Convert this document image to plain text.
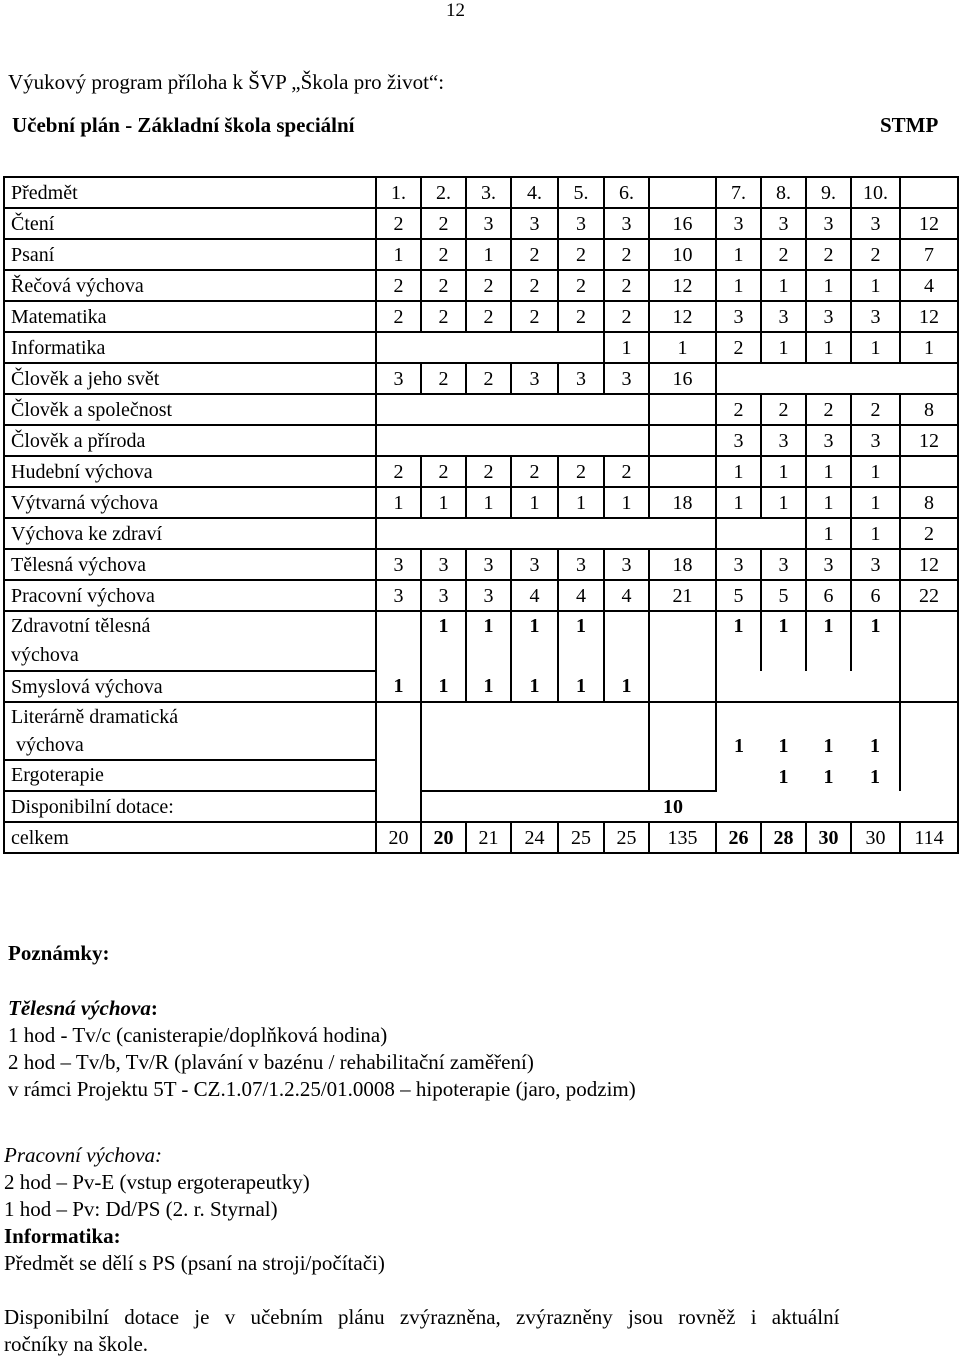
12
Výukový program příloha k ŠVP „Škola pro život“:
Učební plán - Základní škola speciální	STMP
Předmět	1.	2.	3.	4.	5.	6.		7.	8.	9.	10.		
Čtení	2	2	3	3	3	3	16	3	3	3	3	12	
Psaní	1	2	1	2	2	2	10	1	2	2	2	7	
Řečová výchova	2	2	2	2	2	2	12	1	1	1	1	4	
Matematika	2	2	2	2	2	2	12	3	3	3	3	12	
Informatika						1	1	2	1	1	1	1	
Člověk a jeho svět	3	2	2	3	3	3	16						
Člověk a společnost								2	2	2	2	8	
Člověk a příroda								3	3	3	3	12	
Hudební výchova	2	2	2	2	2	2		1	1	1	1		
Výtvarná výchova	1	1	1	1	1	1	18	1	1	1	1	8	
Výchova ke zdraví										1	1	2	
Tělesná výchova	3	3	3	3	3	3	18	3	3	3	3	12	
Pracovní výchova	3	3	3	4	4	4	21	5	5	6	6	22	
Zdravotní tělesná
výchova		1	1	1	1			1	1	1	1		
Smyslová výchova	1	1	1	1	1	1							
Literárně dramatická
výchova								1	1	1	1		
Ergoterapie									1	1	1		
Disponibilní dotace:							10		
celkem	20	20	21	24	25	25	135	26	28	30	30	114	
Poznámky:
Tělesná výchova:
1 hod - Tv/c (canisterapie/doplňková hodina)
2 hod – Tv/b, Tv/R (plavání v bazénu / rehabilitační zaměření)
v rámci Projektu 5T - CZ.1.07/1.2.25/01.0008 – hipoterapie (jaro, podzim)
Pracovní výchova:
2 hod – Pv-E (vstup ergoterapeutky)
1 hod – Pv: Dd/PS (2. r. Styrnal)
Informatika:
Předmět se dělí s PS (psaní na stroji/počítači)
Disponibilní dotace je v učebním plánu zvýrazněna, zvýrazněny jsou rovněž i aktuální
ročníky na škole.
